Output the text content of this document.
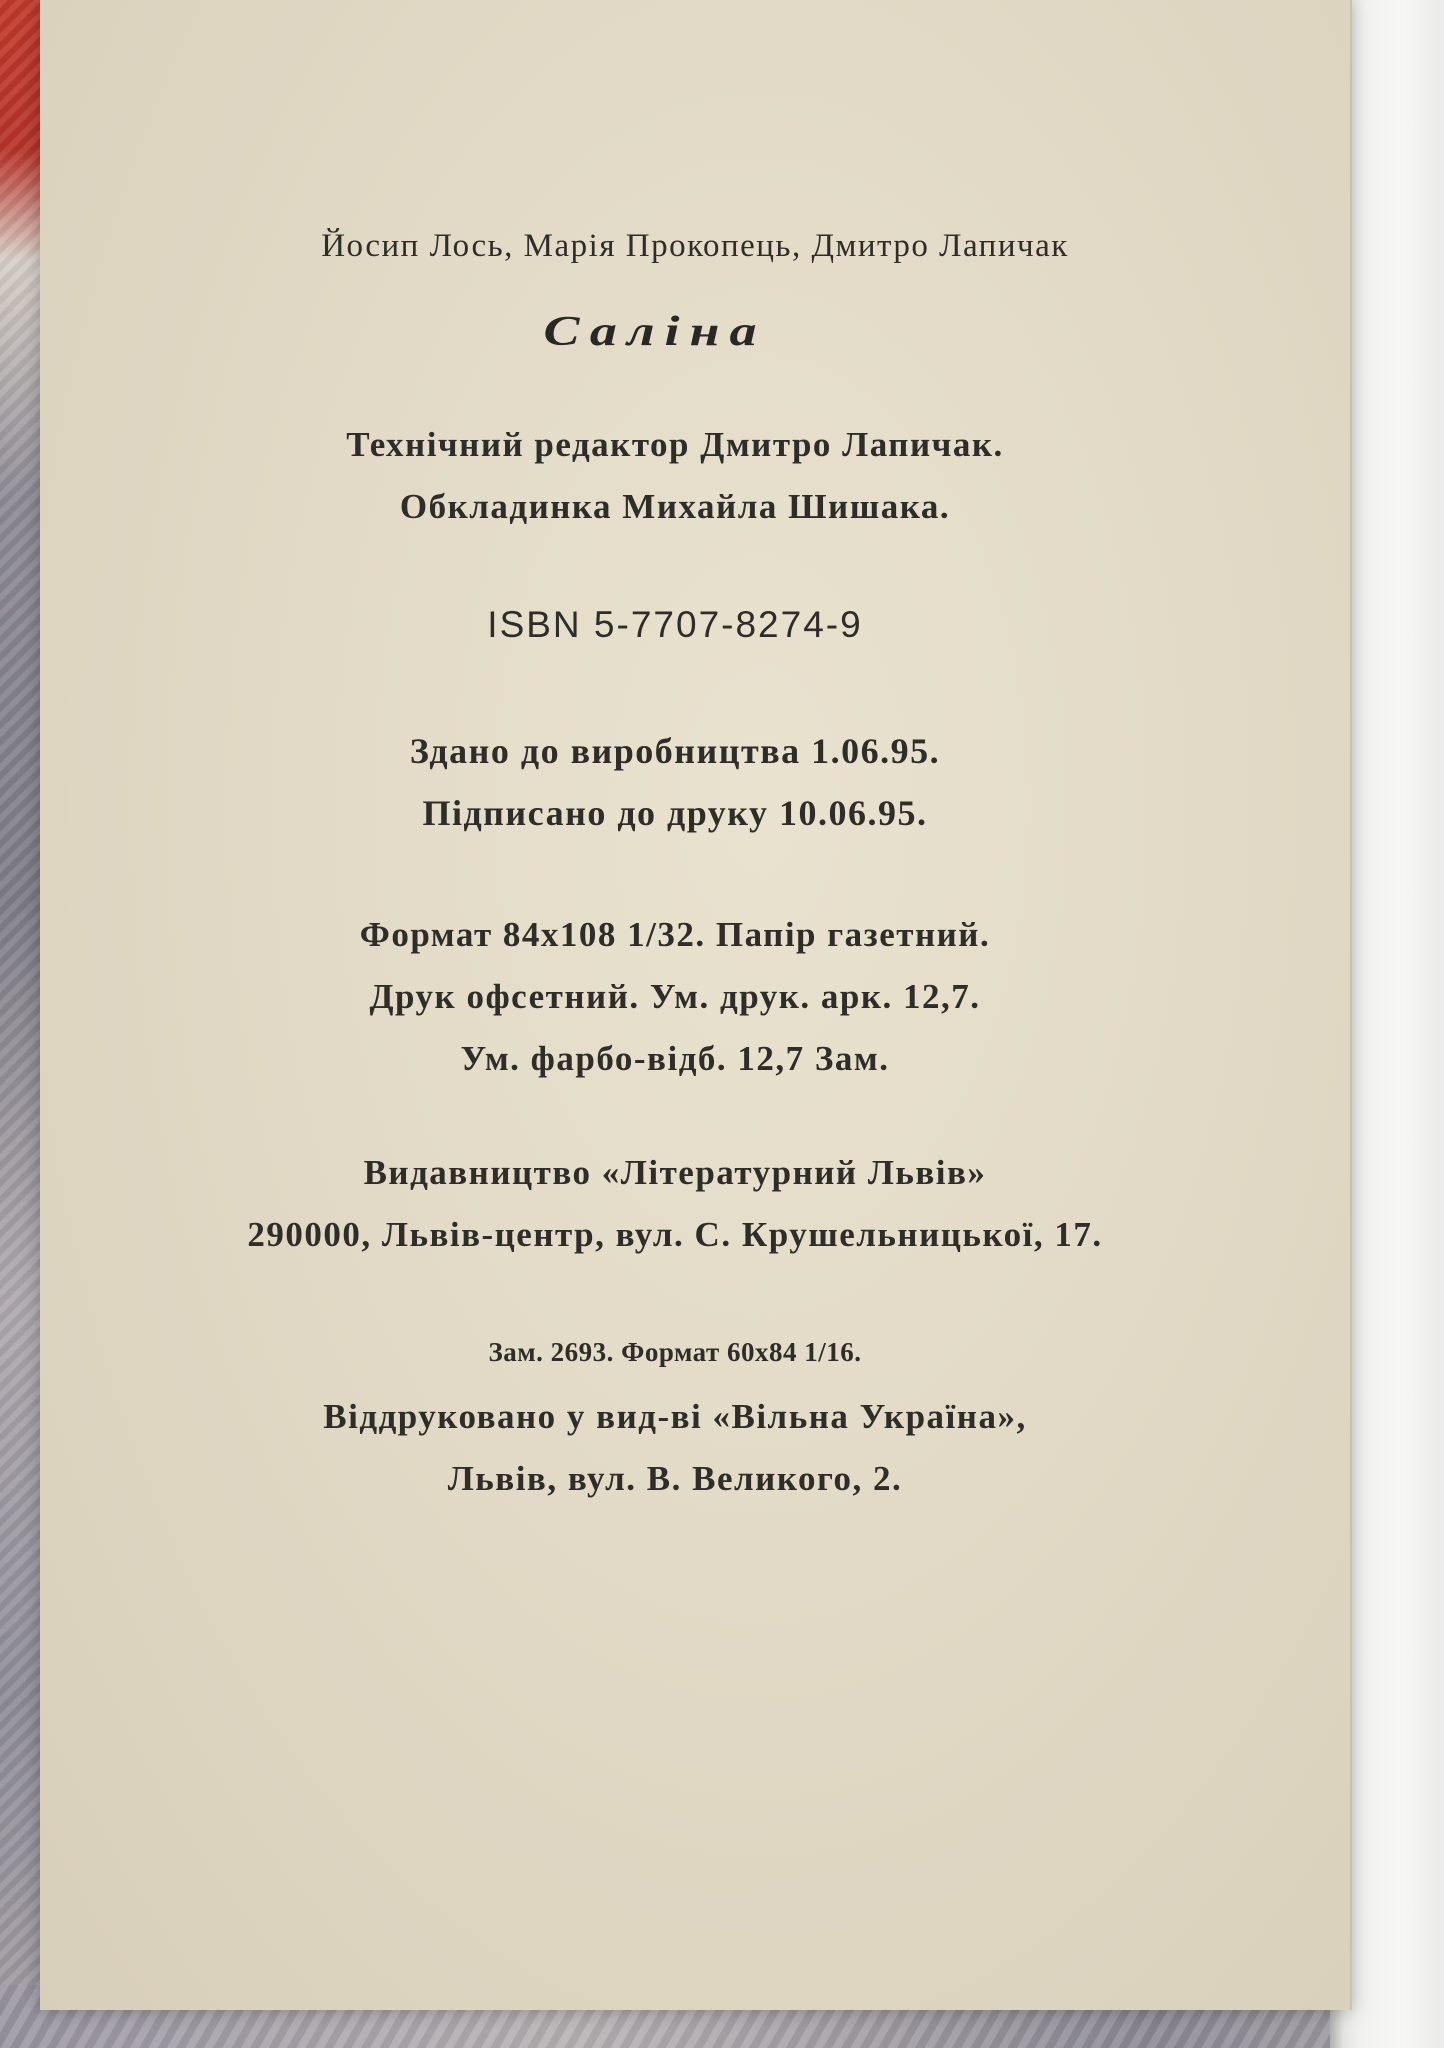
Йосип Лось, Марія Прокопець, Дмитро Лапичак
Саліна
Технічний редактор Дмитро Лапичак.
Обкладинка Михайла Шишака.
ISBN 5-7707-8274-9
Здано до виробництва 1.06.95.
Підписано до друку 10.06.95.
Формат 84х108 1/32. Папір газетний.
Друк офсетний. Ум. друк. арк. 12,7.
Ум. фарбо-відб. 12,7 Зам.
Видавництво «Літературний Львів»
290000, Львів-центр, вул. С. Крушельницької, 17.
Зам. 2693. Формат 60х84 1/16.
Віддруковано у вид-ві «Вільна Україна»,
Львів, вул. В. Великого, 2.
